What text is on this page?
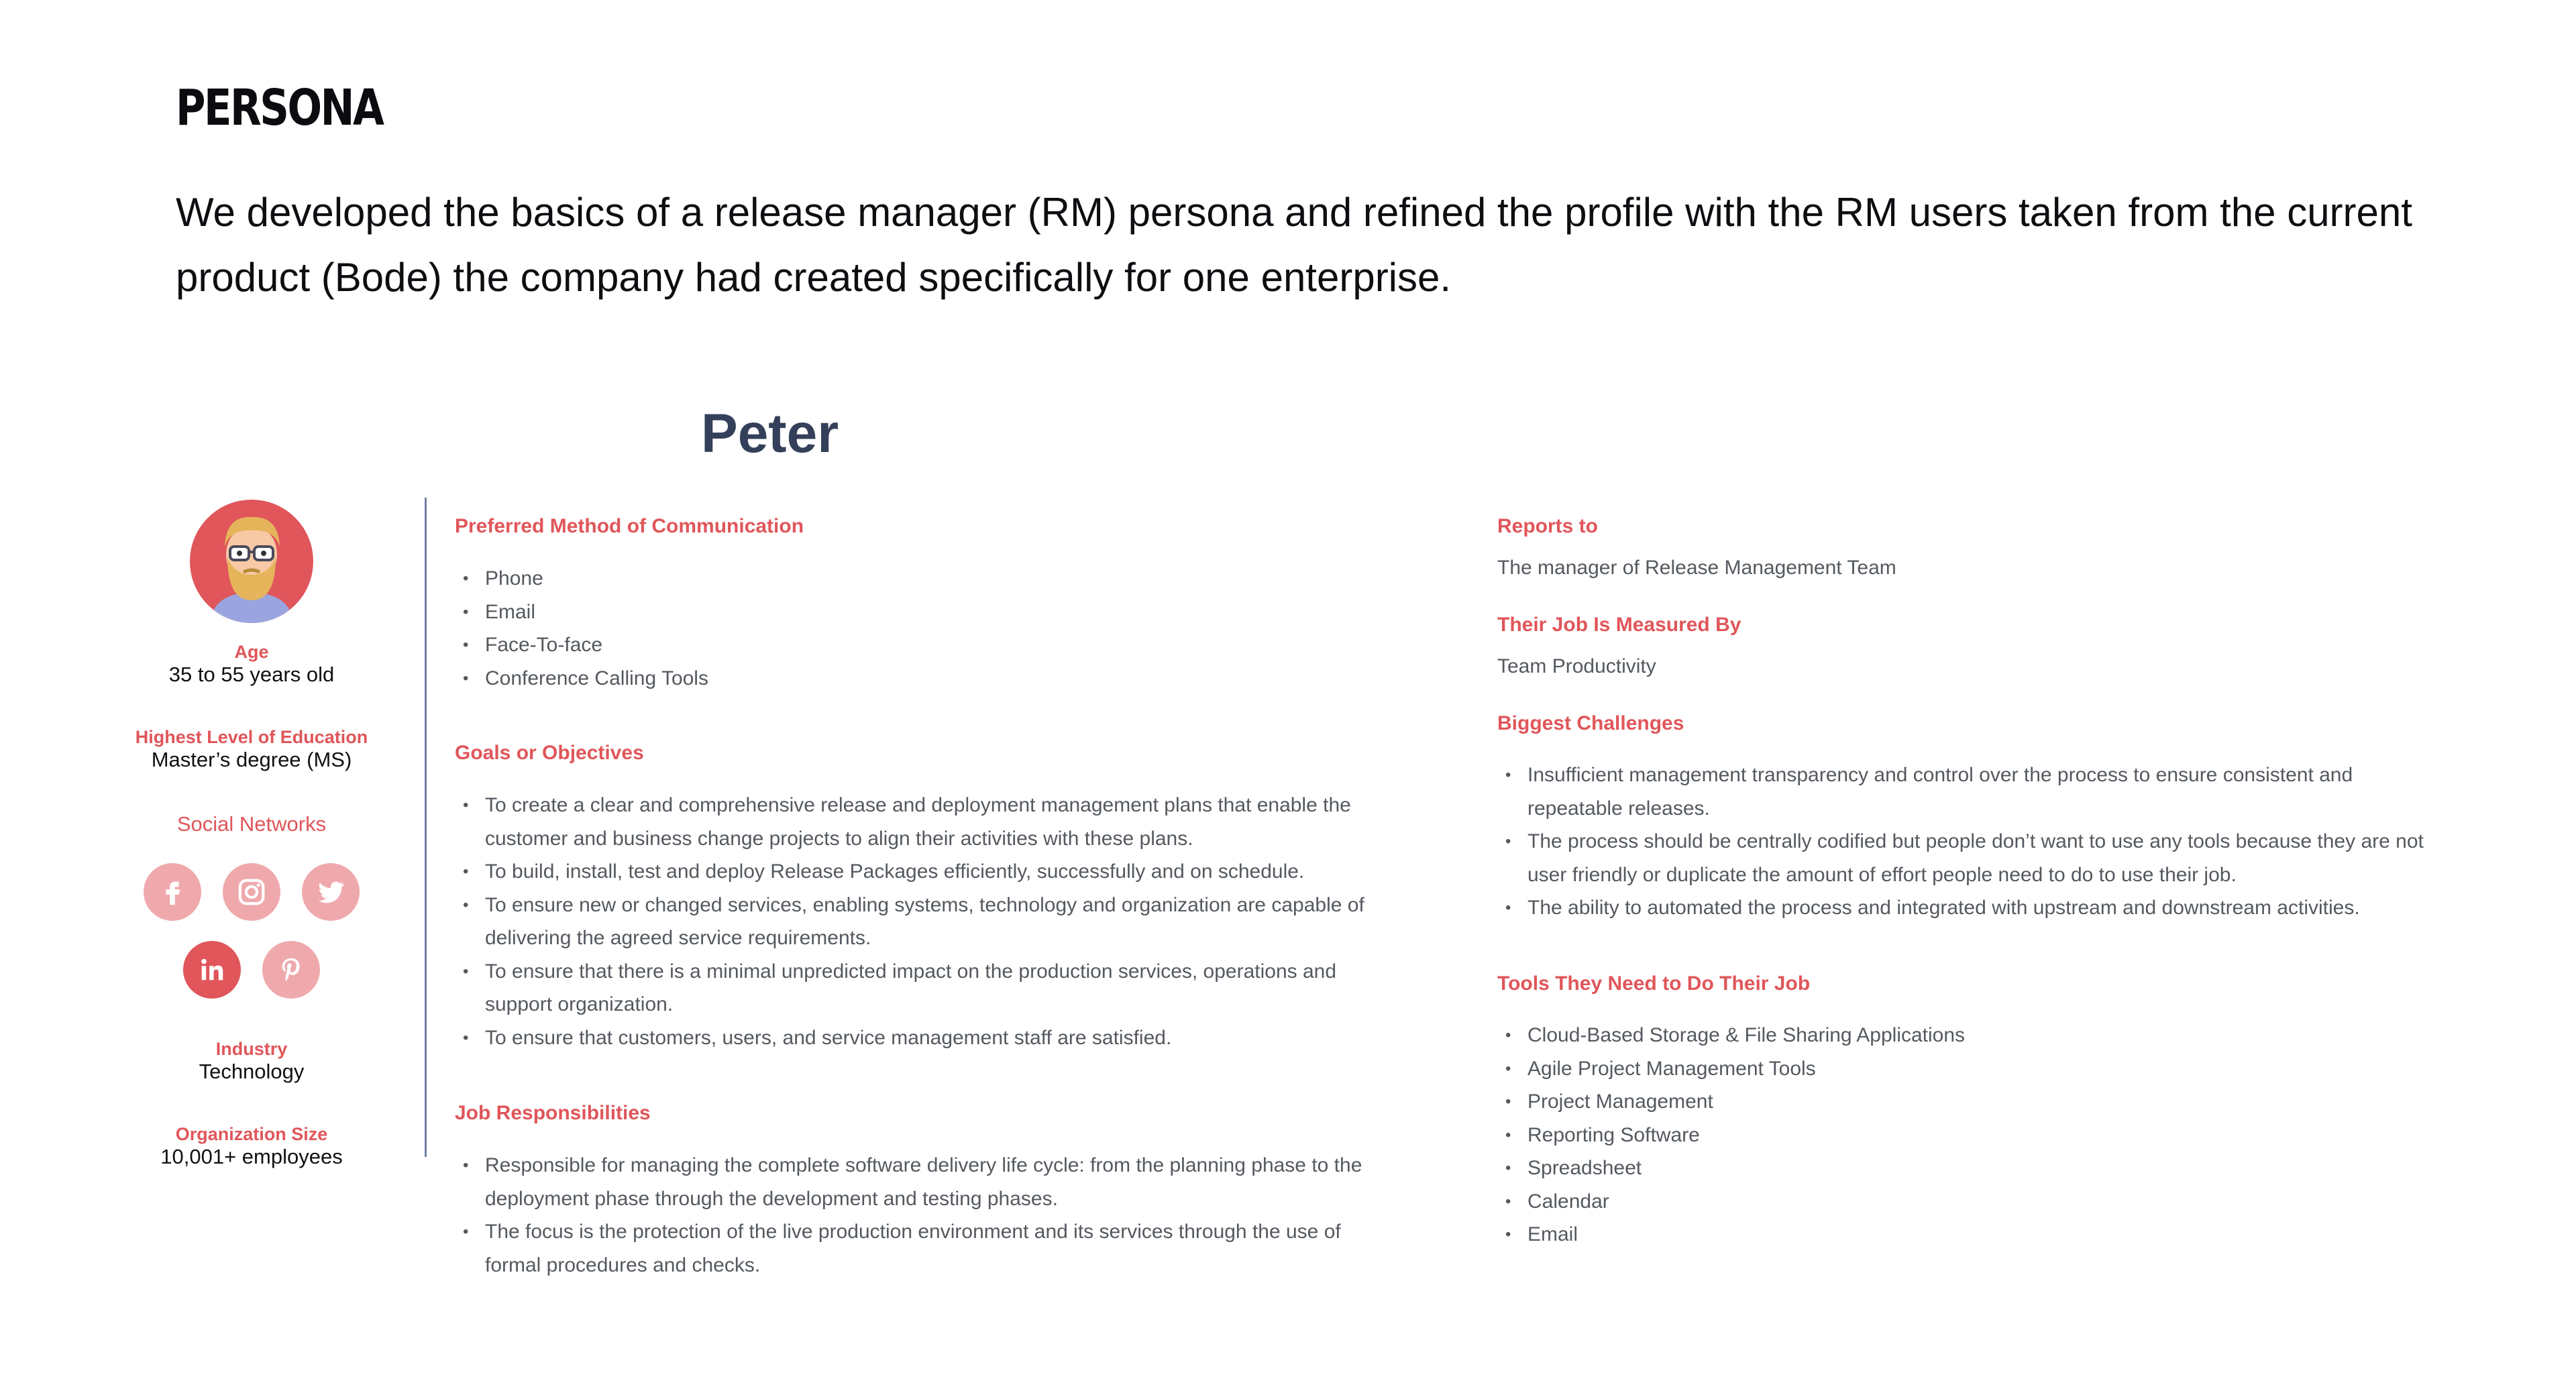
PERSONA
We developed the basics of a release manager (RM) persona and refined the profile with the RM users taken from the current product (Bode) the company had created specifically for one enterprise.
Peter
Age
35 to 55 years old
Highest Level of Education
Master’s degree (MS)
Social Networks
Industry
Technology
Organization Size
10,001+ employees
Preferred Method of Communication
• Phone
• Email
• Face-To-face
• Conference Calling Tools
Goals or Objectives
• To create a clear and comprehensive release and deployment management plans that enable the customer and business change projects to align their activities with these plans.
• To build, install, test and deploy Release Packages efficiently, successfully and on schedule.
• To ensure new or changed services, enabling systems, technology and organization are capable of delivering the agreed service requirements.
• To ensure that there is a minimal unpredicted impact on the production services, operations and support organization.
• To ensure that customers, users, and service management staff are satisfied.
Job Responsibilities
• Responsible for managing the complete software delivery life cycle: from the planning phase to the deployment phase through the development and testing phases.
• The focus is the protection of the live production environment and its services through the use of formal procedures and checks.
Reports to
The manager of Release Management Team
Their Job Is Measured By
Team Productivity
Biggest Challenges
• Insufficient management transparency and control over the process to ensure consistent and repeatable releases.
• The process should be centrally codified but people don’t want to use any tools because they are not user friendly or duplicate the amount of effort people need to do to use their job.
• The ability to automated the process and integrated with upstream and downstream activities.
Tools They Need to Do Their Job
• Cloud-Based Storage & File Sharing Applications
• Agile Project Management Tools
• Project Management
• Reporting Software
• Spreadsheet
• Calendar
• Email
